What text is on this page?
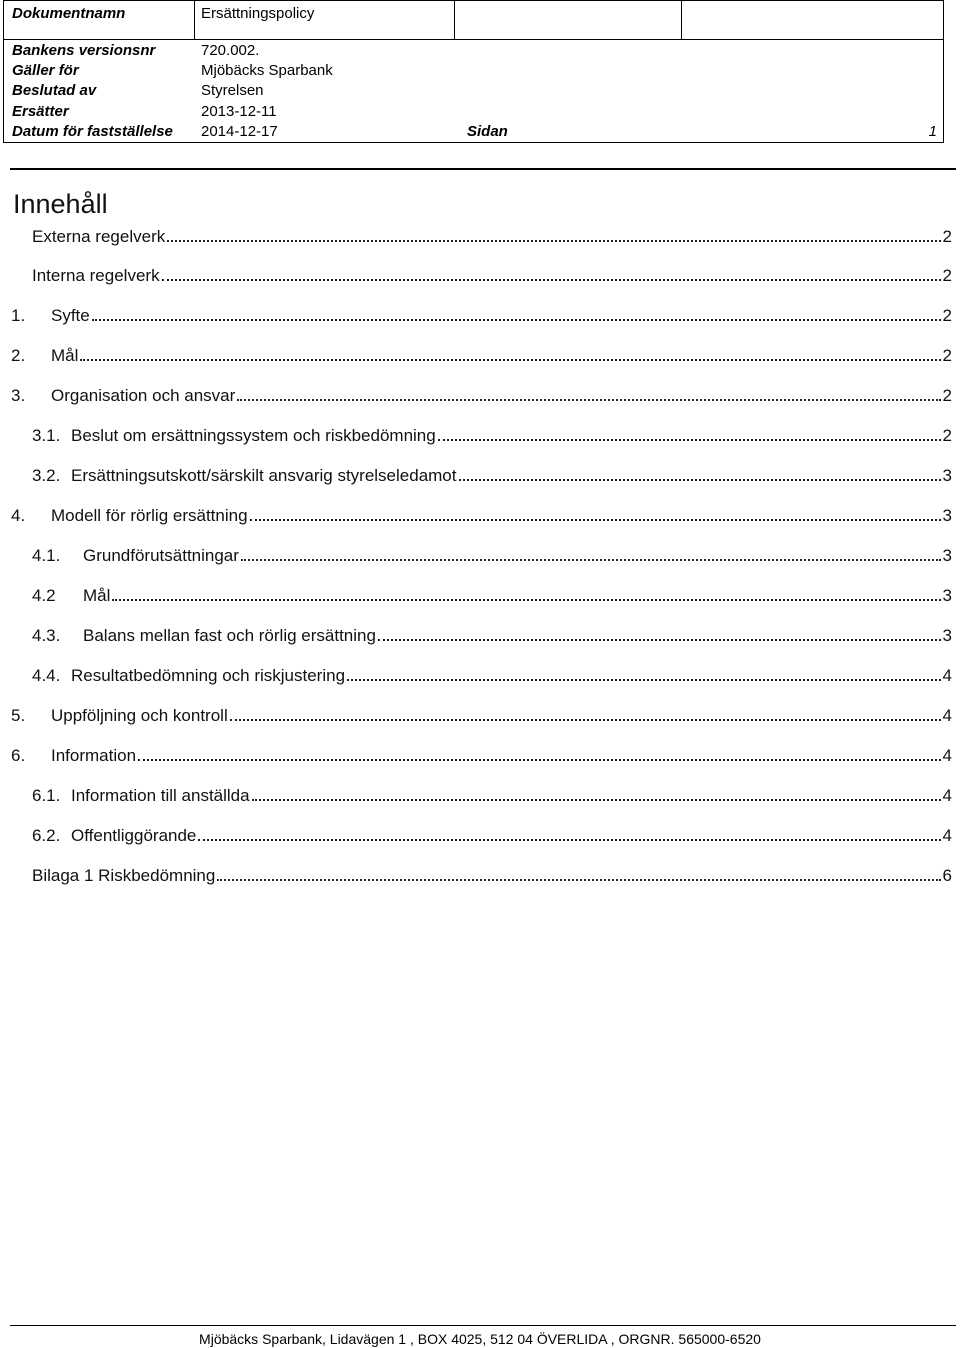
Dokumentnamn	Ersättningspolicy
Bankens versionsnr	720.002.
Gäller för	Mjöbäcks Sparbank
Beslutad av	Styrelsen
Ersätter	2013-12-11
Datum för fastställelse 2014-12-17	Sidan	1
Innehåll
Externa regelverk	2
Interna regelverk	2
1.	Syfte	2
2.	Mål	2
3.	Organisation och ansvar	2
3.1. Beslut om ersättningssystem och riskbedömning	2
3.2. Ersättningsutskott/särskilt ansvarig styrelseledamot	3
4.	Modell för rörlig ersättning	3
4.1.	Grundförutsättningar	3
4.2	Mål	3
4.3.	Balans mellan fast och rörlig ersättning	3
4.4. Resultatbedömning och riskjustering	4
5.	Uppföljning och kontroll	4
6.	Information	4
6.1. Information till anställda	4
6.2. Offentliggörande	4
Bilaga 1 Riskbedömning	6
Mjöbäcks Sparbank, Lidavägen 1 , BOX 4025, 512 04 ÖVERLIDA , ORGNR. 565000-6520
